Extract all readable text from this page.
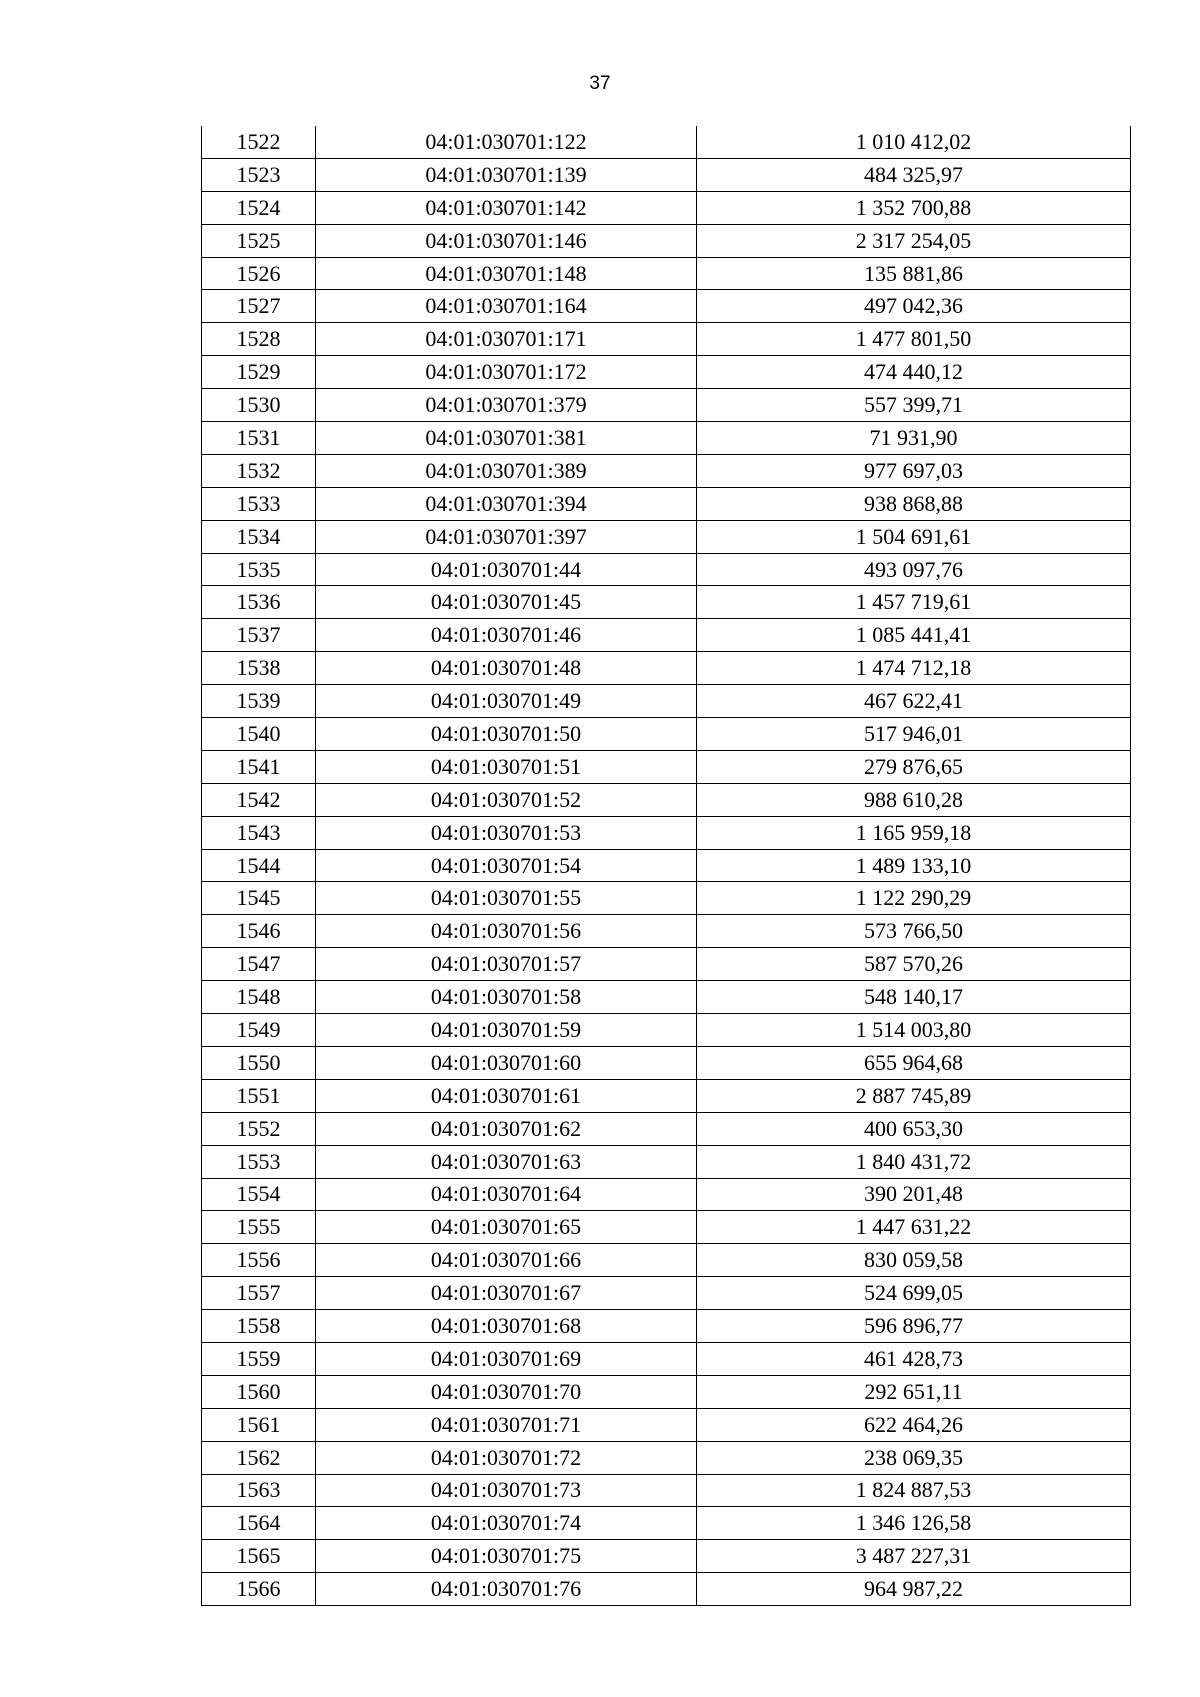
37
1522	04:01:030701:122	1 010 412,02
1523	04:01:030701:139	484 325,97
1524	04:01:030701:142	1 352 700,88
1525	04:01:030701:146	2 317 254,05
1526	04:01:030701:148	135 881,86
1527	04:01:030701:164	497 042,36
1528	04:01:030701:171	1 477 801,50
1529	04:01:030701:172	474 440,12
1530	04:01:030701:379	557 399,71
1531	04:01:030701:381	71 931,90
1532	04:01:030701:389	977 697,03
1533	04:01:030701:394	938 868,88
1534	04:01:030701:397	1 504 691,61
1535	04:01:030701:44	493 097,76
1536	04:01:030701:45	1 457 719,61
1537	04:01:030701:46	1 085 441,41
1538	04:01:030701:48	1 474 712,18
1539	04:01:030701:49	467 622,41
1540	04:01:030701:50	517 946,01
1541	04:01:030701:51	279 876,65
1542	04:01:030701:52	988 610,28
1543	04:01:030701:53	1 165 959,18
1544	04:01:030701:54	1 489 133,10
1545	04:01:030701:55	1 122 290,29
1546	04:01:030701:56	573 766,50
1547	04:01:030701:57	587 570,26
1548	04:01:030701:58	548 140,17
1549	04:01:030701:59	1 514 003,80
1550	04:01:030701:60	655 964,68
1551	04:01:030701:61	2 887 745,89
1552	04:01:030701:62	400 653,30
1553	04:01:030701:63	1 840 431,72
1554	04:01:030701:64	390 201,48
1555	04:01:030701:65	1 447 631,22
1556	04:01:030701:66	830 059,58
1557	04:01:030701:67	524 699,05
1558	04:01:030701:68	596 896,77
1559	04:01:030701:69	461 428,73
1560	04:01:030701:70	292 651,11
1561	04:01:030701:71	622 464,26
1562	04:01:030701:72	238 069,35
1563	04:01:030701:73	1 824 887,53
1564	04:01:030701:74	1 346 126,58
1565	04:01:030701:75	3 487 227,31
1566	04:01:030701:76	964 987,22
